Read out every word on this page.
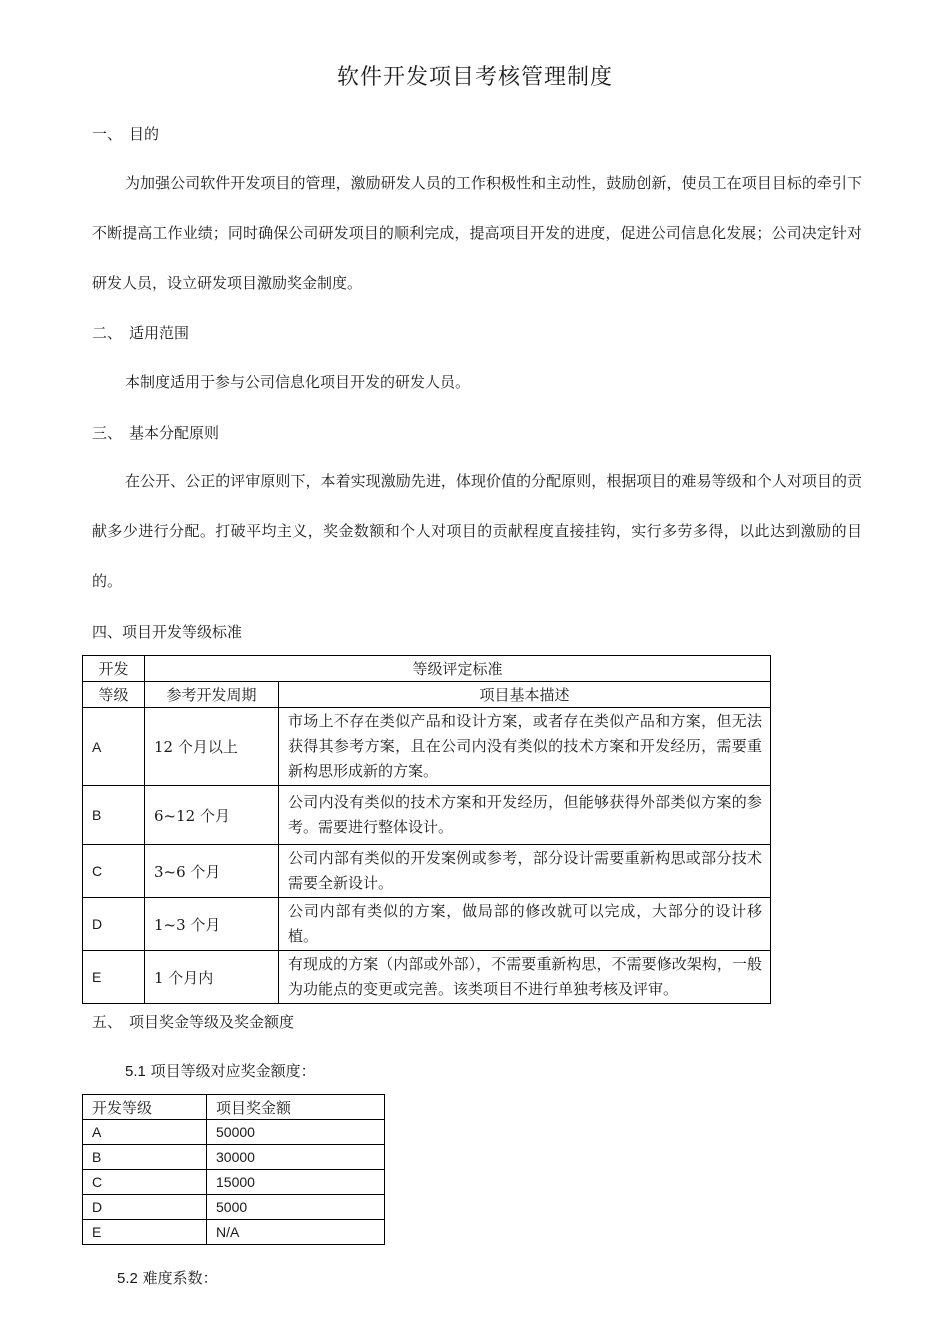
软件开发项目考核管理制度
一、 目的
为加强公司软件开发项目的管理，激励研发人员的工作积极性和主动性，鼓励创新，使员工在项目目标的牵引下不断提高工作业绩；同时确保公司研发项目的顺利完成，提高项目开发的进度，促进公司信息化发展；公司决定针对研发人员，设立研发项目激励奖金制度。
二、 适用范围
本制度适用于参与公司信息化项目开发的研发人员。
三、 基本分配原则
在公开、公正的评审原则下，本着实现激励先进，体现价值的分配原则，根据项目的难易等级和个人对项目的贡献多少进行分配。打破平均主义，奖金数额和个人对项目的贡献程度直接挂钩，实行多劳多得，以此达到激励的目的。
四、项目开发等级标准
开发	等级评定标准	
等级	参考开发周期	项目基本描述
A	12 个月以上	市场上不存在类似产品和设计方案，或者存在类似产品和方案，但无法获得其参考方案，且在公司内没有类似的技术方案和开发经历，需要重新构思形成新的方案。
B	6~12 个月	公司内没有类似的技术方案和开发经历，但能够获得外部类似方案的参考。需要进行整体设计。
C	3~6 个月	公司内部有类似的开发案例或参考，部分设计需要重新构思或部分技术需要全新设计。
D	1~3 个月	公司内部有类似的方案，做局部的修改就可以完成，大部分的设计移植。
E	1 个月内	有现成的方案（内部或外部），不需要重新构思，不需要修改架构，一般为功能点的变更或完善。该类项目不进行单独考核及评审。
五、 项目奖金等级及奖金额度
5.1 项目等级对应奖金额度：
开发等级	项目奖金额
A	50000
B	30000
C	15000
D	5000
E	N/A
5.2 难度系数：
